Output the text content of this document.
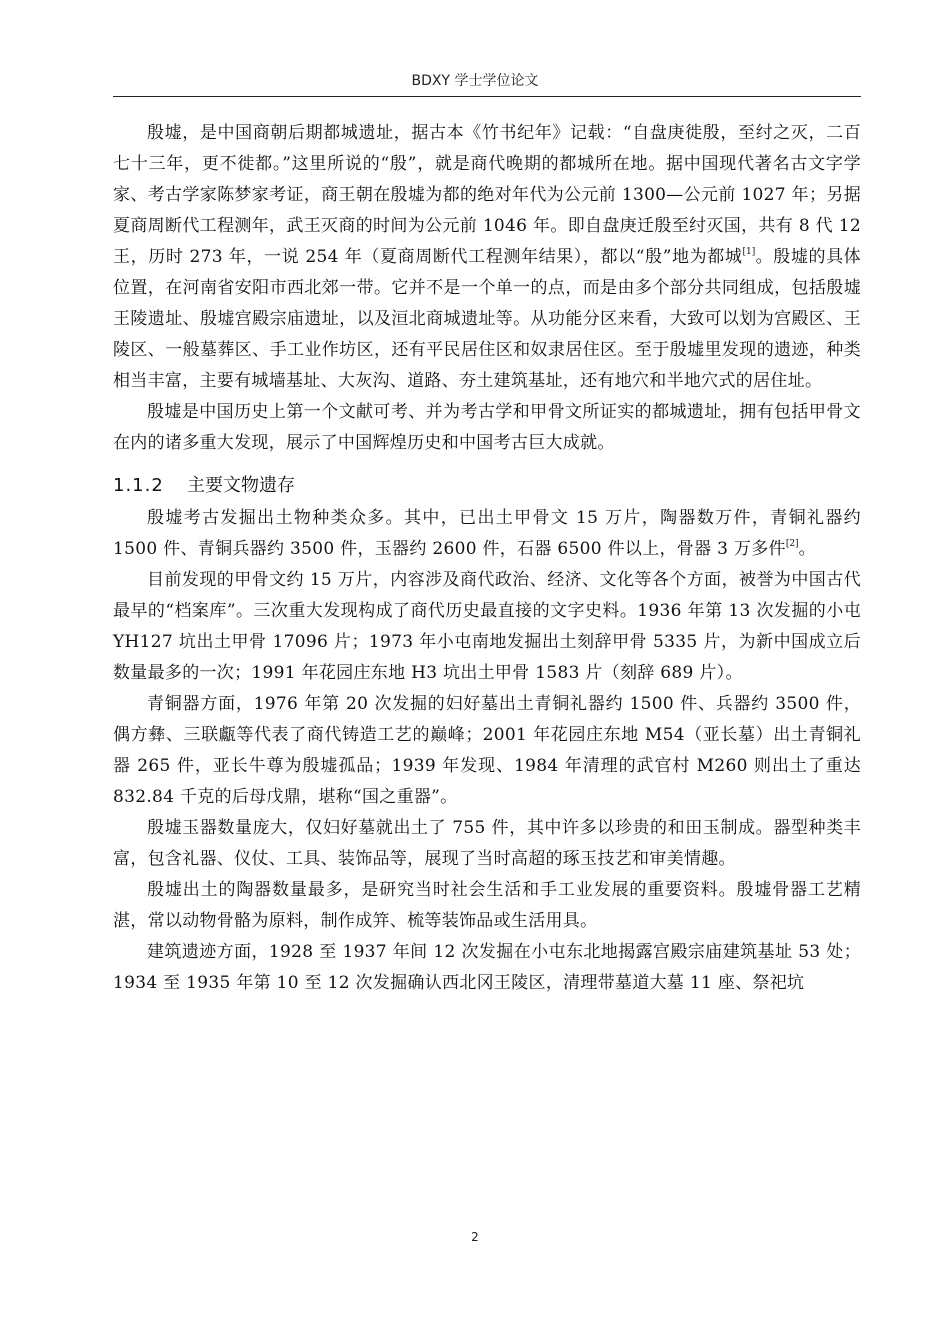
BDXY 学士学位论文

殷墟，是中国商朝后期都城遗址，据古本《竹书纪年》记载：“自盘庚徙殷，至纣之灭，二百七十三年，更不徙都。”这里所说的“殷”，就是商代晚期的都城所在地。据中国现代著名古文字学家、考古学家陈梦家考证，商王朝在殷墟为都的绝对年代为公元前 1300—公元前 1027 年；另据夏商周断代工程测年，武王灭商的时间为公元前 1046 年。即自盘庚迁殷至纣灭国，共有 8 代 12 王，历时 273 年，一说 254 年（夏商周断代工程测年结果），都以“殷”地为都城[1]。殷墟的具体位置，在河南省安阳市西北郊一带。它并不是一个单一的点，而是由多个部分共同组成，包括殷墟王陵遗址、殷墟宫殿宗庙遗址，以及洹北商城遗址等。从功能分区来看，大致可以划为宫殿区、王陵区、一般墓葬区、手工业作坊区，还有平民居住区和奴隶居住区。至于殷墟里发现的遗迹，种类相当丰富，主要有城墙基址、大灰沟、道路、夯土建筑基址，还有地穴和半地穴式的居住址。

殷墟是中国历史上第一个文献可考、并为考古学和甲骨文所证实的都城遗址，拥有包括甲骨文在内的诸多重大发现，展示了中国辉煌历史和中国考古巨大成就。

1.1.2 主要文物遗存

殷墟考古发掘出土物种类众多。其中，已出土甲骨文 15 万片，陶器数万件，青铜礼器约 1500 件、青铜兵器约 3500 件，玉器约 2600 件，石器 6500 件以上，骨器 3 万多件[2]。

目前发现的甲骨文约 15 万片，内容涉及商代政治、经济、文化等各个方面，被誉为中国古代最早的“档案库”。三次重大发现构成了商代历史最直接的文字史料。1936 年第 13 次发掘的小屯 YH127 坑出土甲骨 17096 片；1973 年小屯南地发掘出土刻辞甲骨 5335 片，为新中国成立后数量最多的一次；1991 年花园庄东地 H3 坑出土甲骨 1583 片（刻辞 689 片）。

青铜器方面，1976 年第 20 次发掘的妇好墓出土青铜礼器约 1500 件、兵器约 3500 件，偶方彝、三联甗等代表了商代铸造工艺的巅峰；2001 年花园庄东地 M54（亚长墓）出土青铜礼器 265 件，亚长牛尊为殷墟孤品；1939 年发现、1984 年清理的武官村 M260 则出土了重达 832.84 千克的后母戊鼎，堪称“国之重器”。

殷墟玉器数量庞大，仅妇好墓就出土了 755 件，其中许多以珍贵的和田玉制成。器型种类丰富，包含礼器、仪仗、工具、装饰品等，展现了当时高超的琢玉技艺和审美情趣。

殷墟出土的陶器数量最多，是研究当时社会生活和手工业发展的重要资料。殷墟骨器工艺精湛，常以动物骨骼为原料，制作成笄、梳等装饰品或生活用具。

建筑遗迹方面，1928 至 1937 年间 12 次发掘在小屯东北地揭露宫殿宗庙建筑基址 53 处；1934 至 1935 年第 10 至 12 次发掘确认西北冈王陵区，清理带墓道大墓 11 座、祭祀坑

2
